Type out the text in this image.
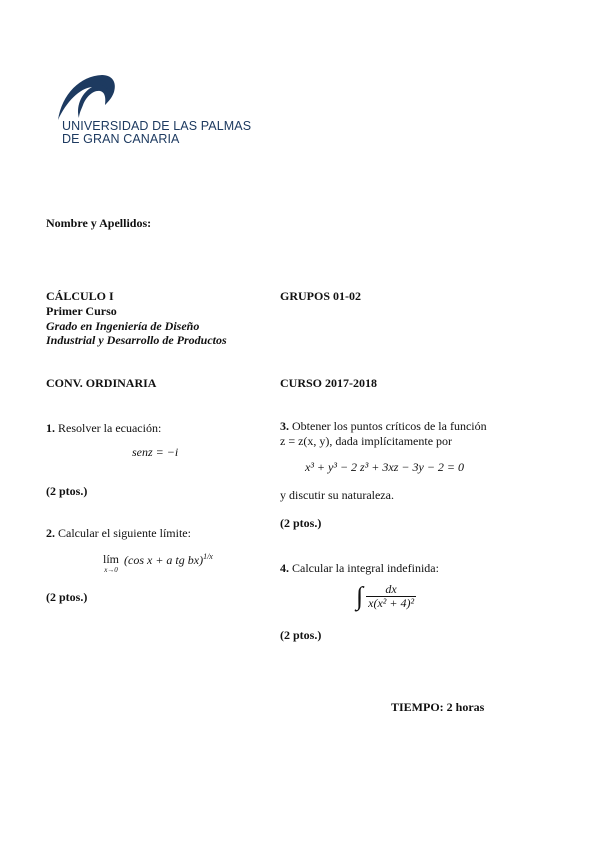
UNIVERSIDAD DE LAS PALMAS
DE GRAN CANARIA
Nombre y Apellidos:
CÁLCULO I
Primer Curso
Grado en Ingeniería de Diseño
Industrial y Desarrollo de Productos
GRUPOS 01-02
CONV. ORDINARIA	CURSO 2017-2018
1. Resolver la ecuación:
senz = −i
(2 ptos.)
2. Calcular el siguiente límite:
lím
x→0
(cos x + a tg bx)$^{1/x}$
(2 ptos.)
3. Obtener los puntos críticos de la función
z = z(x, y), dada implícitamente por
x³ + y³ − 2 z³ + 3xz − 3y − 2 = 0
y discutir su naturaleza.
(2 ptos.)
4. Calcular la integral indefinida:
∫ $\frac{dx}{\text{x(x² + 4)²}}$
(2 ptos.)
TIEMPO: 2 horas
